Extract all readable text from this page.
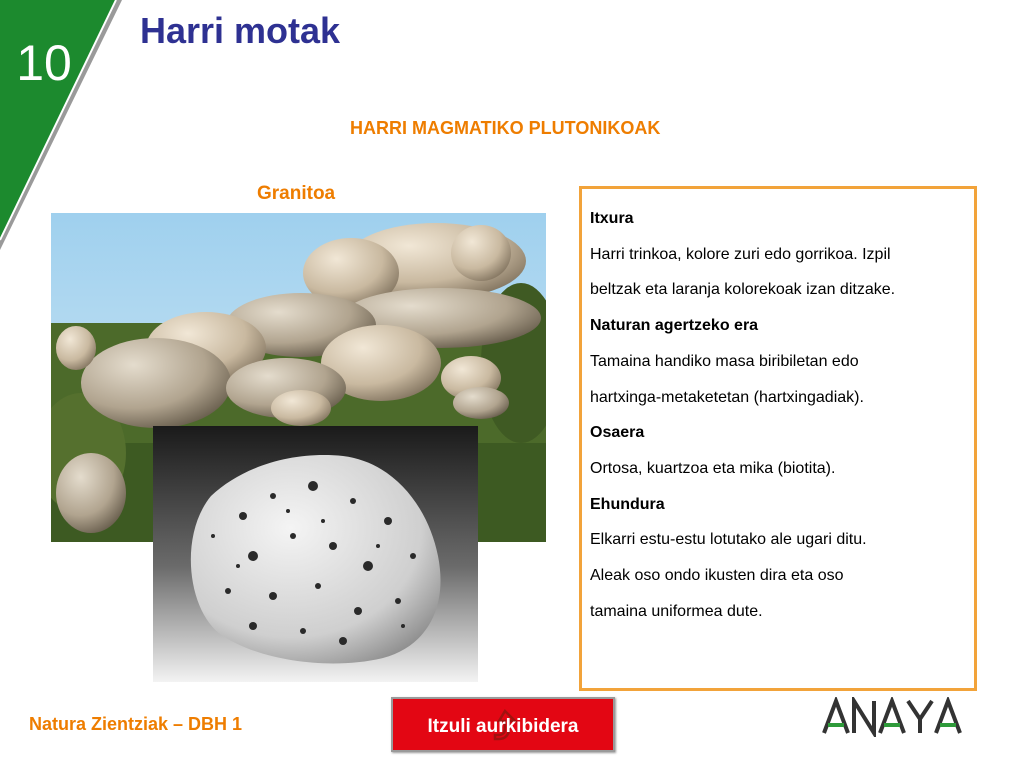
10
Harri motak
HARRI MAGMATIKO PLUTONIKOAK
Granitoa
Itxura
Harri trinkoa, kolore zuri edo gorrikoa. Izpil
beltzak eta laranja kolorekoak izan ditzake.
Naturan agertzeko era
Tamaina handiko masa biribiletan edo
hartxinga-metaketetan (hartxingadiak).
Osaera
Ortosa, kuartzoa eta mika (biotita).
Ehundura
Elkarri estu-estu lotutako ale ugari ditu.
Aleak oso ondo ikusten dira eta oso
tamaina uniformea dute.
Natura Zientziak – DBH 1	Itzuli aurkibidera
